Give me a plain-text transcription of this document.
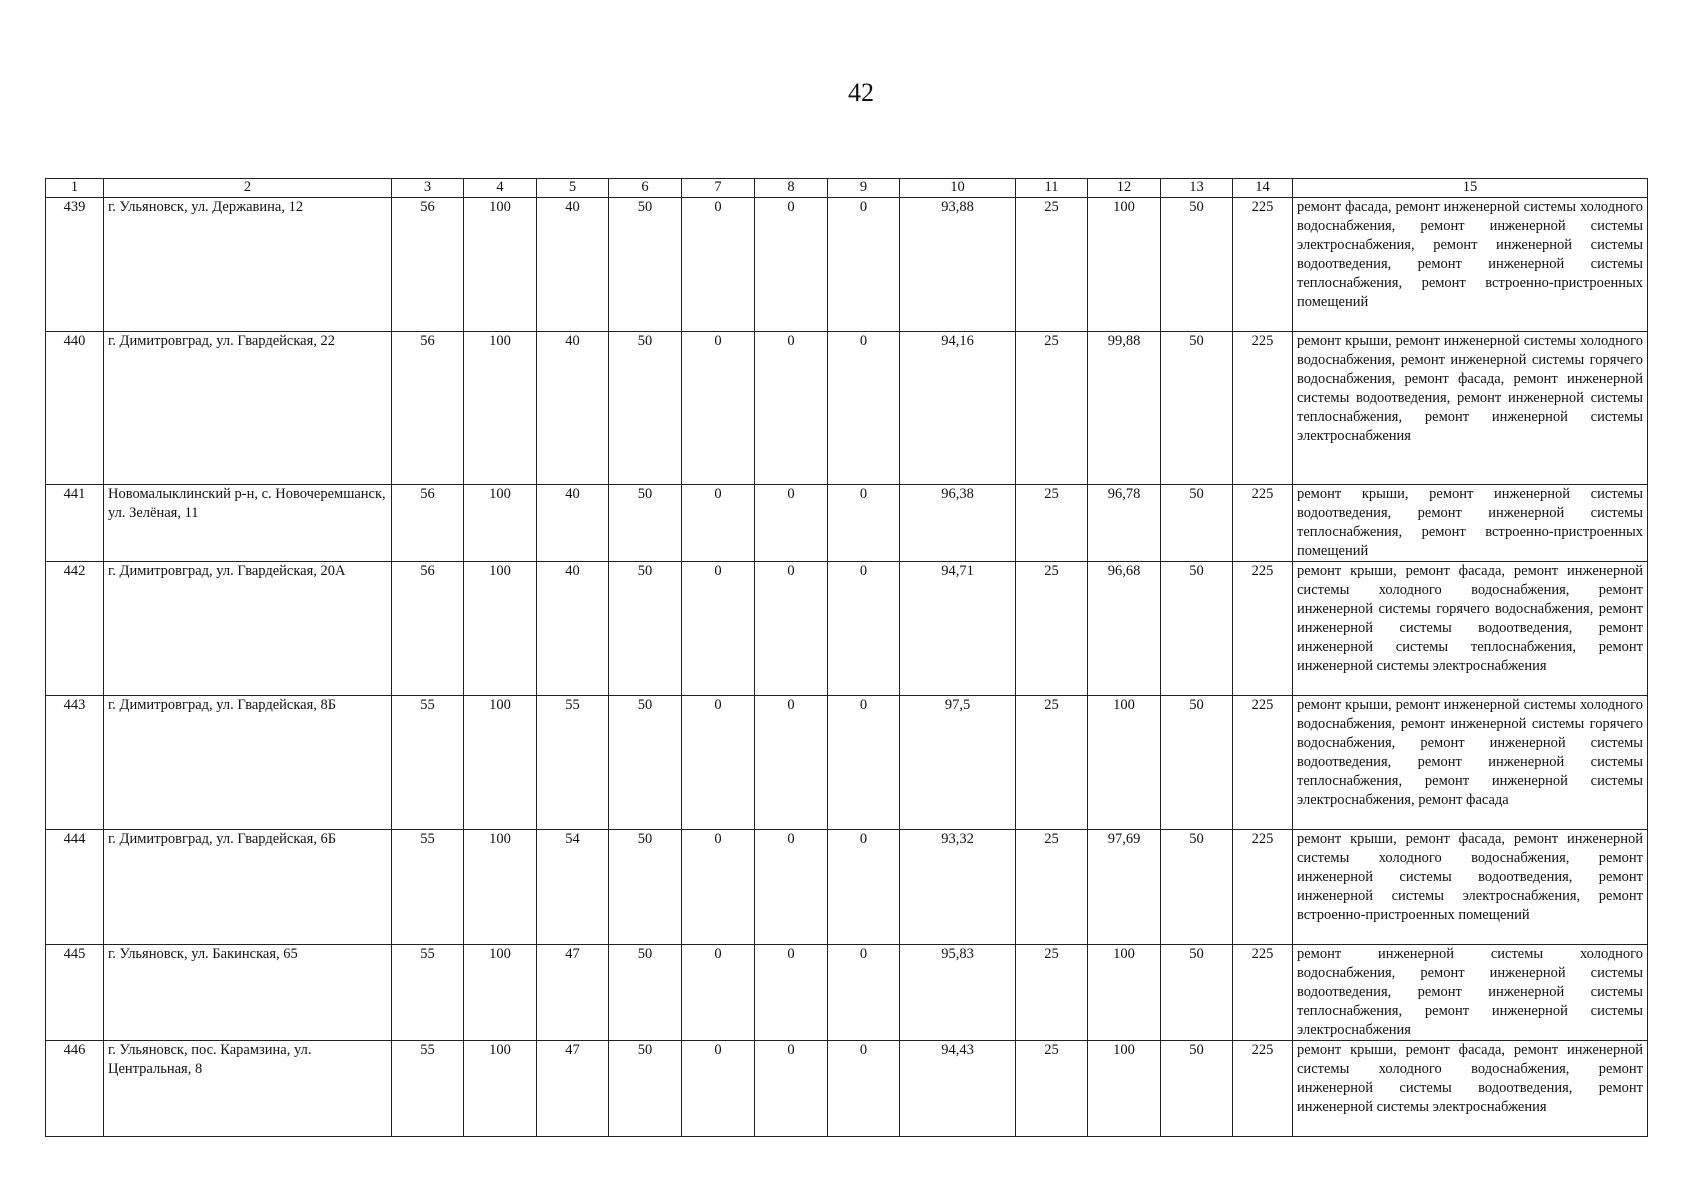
42
1	2	3	4	5	6	7	8	9	10	11	12	13	14	15
439	г. Ульяновск, ул. Державина, 12	56	100	40	50	0	0	0	93,88	25	100	50	225	ремонт фасада, ремонт инженерной системы холодного водоснабжения, ремонт инженерной системы электроснабжения, ремонт инженерной системы водоотведения, ремонт инженерной системы теплоснабжения, ремонт встроенно-пристроенных помещений
440	г. Димитровград, ул. Гвардейская, 22	56	100	40	50	0	0	0	94,16	25	99,88	50	225	ремонт крыши, ремонт инженерной системы холодного водоснабжения, ремонт инженерной системы горячего водоснабжения, ремонт фасада, ремонт инженерной системы водоотведения, ремонт инженерной системы теплоснабжения, ремонт инженерной системы электроснабжения
441	Новомалыклинский р-н, с. Новочеремшанск, ул. Зелёная, 11	56	100	40	50	0	0	0	96,38	25	96,78	50	225	ремонт крыши, ремонт инженерной системы водоотведения, ремонт инженерной системы теплоснабжения, ремонт встроенно-пристроенных помещений
442	г. Димитровград, ул. Гвардейская, 20А	56	100	40	50	0	0	0	94,71	25	96,68	50	225	ремонт крыши, ремонт фасада, ремонт инженерной системы холодного водоснабжения, ремонт инженерной системы горячего водоснабжения, ремонт инженерной системы водоотведения, ремонт инженерной системы теплоснабжения, ремонт инженерной системы электроснабжения
443	г. Димитровград, ул. Гвардейская, 8Б	55	100	55	50	0	0	0	97,5	25	100	50	225	ремонт крыши, ремонт инженерной системы холодного водоснабжения, ремонт инженерной системы горячего водоснабжения, ремонт инженерной системы водоотведения, ремонт инженерной системы теплоснабжения, ремонт инженерной системы электроснабжения, ремонт фасада
444	г. Димитровград, ул. Гвардейская, 6Б	55	100	54	50	0	0	0	93,32	25	97,69	50	225	ремонт крыши, ремонт фасада, ремонт инженерной системы холодного водоснабжения, ремонт инженерной системы водоотведения, ремонт инженерной системы электроснабжения, ремонт встроенно-пристроенных помещений
445	г. Ульяновск, ул. Бакинская, 65	55	100	47	50	0	0	0	95,83	25	100	50	225	ремонт инженерной системы холодного водоснабжения, ремонт инженерной системы водоотведения, ремонт инженерной системы теплоснабжения, ремонт инженерной системы электроснабжения
446	г. Ульяновск, пос. Карамзина, ул. Центральная, 8	55	100	47	50	0	0	0	94,43	25	100	50	225	ремонт крыши, ремонт фасада, ремонт инженерной системы холодного водоснабжения, ремонт инженерной системы водоотведения, ремонт инженерной системы электроснабжения
